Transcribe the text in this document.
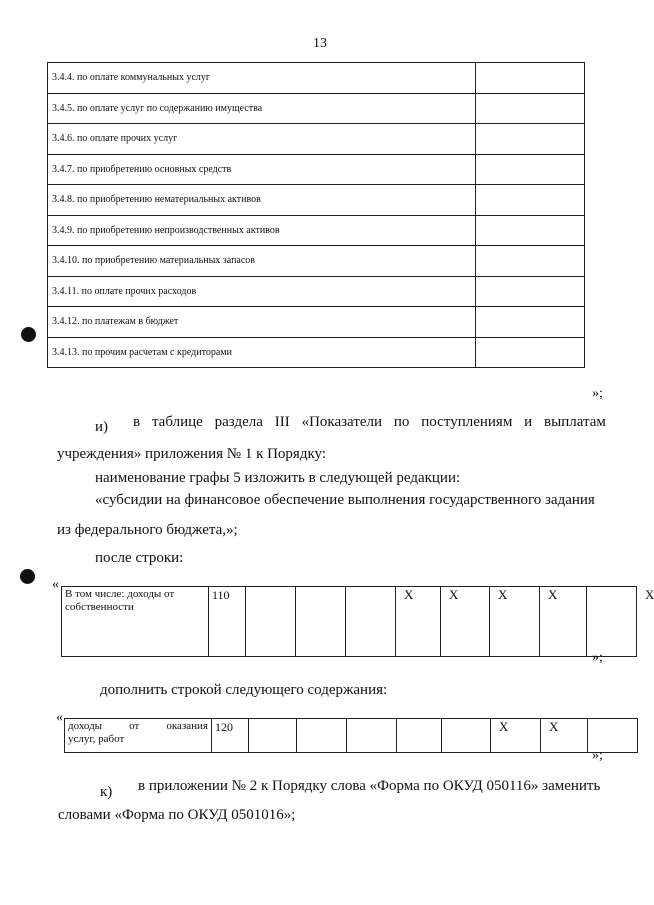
13
3.4.4. по оплате коммунальных услуг	
3.4.5. по оплате услуг по содержанию имущества	
3.4.6. по оплате прочих услуг	
3.4.7. по приобретению основных средств	
3.4.8. по приобретению нематериальных активов	
3.4.9. по приобретению непроизводственных активов	
3.4.10. по приобретению материальных запасов	
3.4.11. по оплате прочих расходов	
3.4.12. по платежам в бюджет	
3.4.13. по прочим расчетам с кредиторами	
»;
и) в таблице раздела III «Показатели по поступлениям и выплатам
учреждения» приложения № 1 к Порядку:
наименование графы 5 изложить в следующей редакции:
«субсидии на финансовое обеспечение выполнения государственного задания
из федерального бюджета,»;
после строки:
«
В том числе: доходы от собственности	110				X	X	X	X		X
»;
дополнить строкой следующего содержания:
«
доходы от оказания
услуг, работ
	120						X	X		
»;
к) в приложении № 2 к Порядку слова «Форма по ОКУД 050116» заменить
словами «Форма по ОКУД 0501016»;
